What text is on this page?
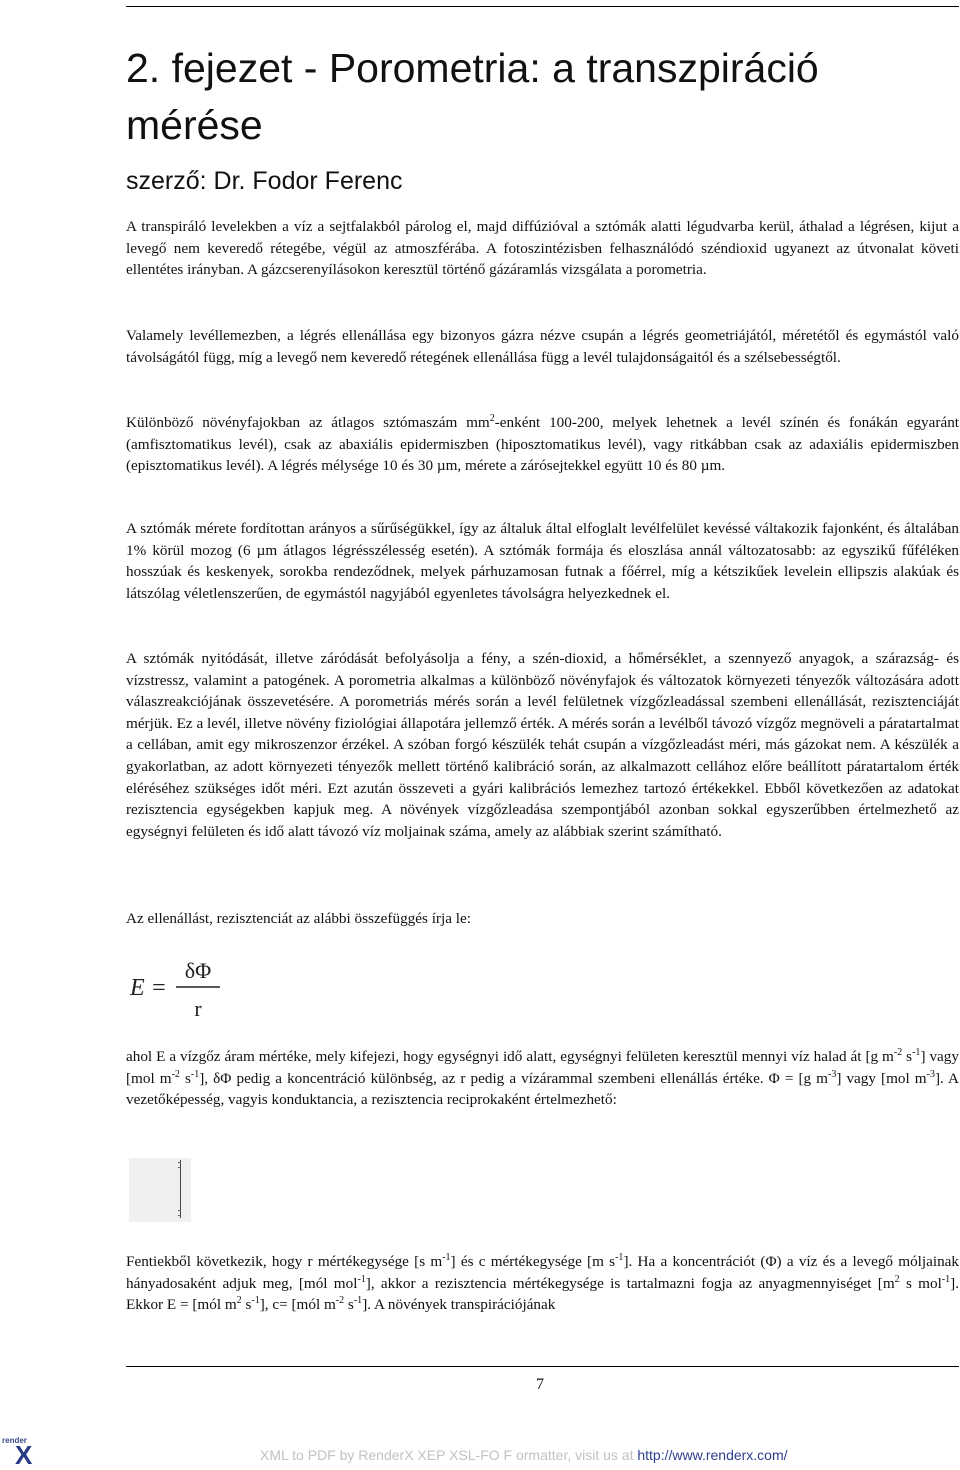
2. fejezet - Porometria: a transzpiráció mérése

szerző: Dr. Fodor Ferenc

A transpiráló levelekben a víz a sejtfalakból párolog el, majd diffúzióval a sztómák alatti légudvarba kerül, áthalad a légrésen, kijut a levegő nem keveredő rétegébe, végül az atmoszférába. A fotoszintézisben felhasználódó széndioxid ugyanezt az útvonalat követi ellentétes irányban. A gázcserenyílásokon keresztül történő gázáramlás vizsgálata a porometria.

Valamely levéllemezben, a légrés ellenállása egy bizonyos gázra nézve csupán a légrés geometriájától, méretétől és egymástól való távolságától függ, míg a levegő nem keveredő rétegének ellenállása függ a levél tulajdonságaitól és a szélsebességtől.

Különböző növényfajokban az átlagos sztómaszám $mm^2$-enként 100-200, melyek lehetnek a levél színén és fonákán egyaránt (amfisztomatikus levél), csak az abaxiális epidermiszben (hiposztomatikus levél), vagy ritkábban csak az adaxiális epidermiszben (episztomatikus levél). A légrés mélysége 10 és 30 µm, mérete a zárósejtekkel együtt 10 és 80 µm.

A sztómák mérete fordítottan arányos a sűrűségükkel, így az általuk által elfoglalt levélfelület kevéssé váltakozik fajonként, és általában 1% körül mozog (6 µm átlagos légrésszélesség esetén). A sztómák formája és eloszlása annál változatosabb: az egyszikű fűféléken hosszúak és keskenyek, sorokba rendeződnek, melyek párhuzamosan futnak a főérrel, míg a kétszikűek levelein ellipszis alakúak és látszólag véletlenszerűen, de egymástól nagyjából egyenletes távolságra helyezkednek el.

A sztómák nyitódását, illetve záródását befolyásolja a fény, a szén-dioxid, a hőmérséklet, a szennyező anyagok, a szárazság- és vízstressz, valamint a patogének. A porometria alkalmas a különböző növényfajok és változatok környezeti tényezők változására adott válaszreakciójának összevetésére. A porometriás mérés során a levél felületnek vízgőzleadással szembeni ellenállását, rezisztenciáját mérjük. Ez a levél, illetve növény fiziológiai állapotára jellemző érték. A mérés során a levélből távozó vízgőz megnöveli a páratartalmat a cellában, amit egy mikroszenzor érzékel. A szóban forgó készülék tehát csupán a vízgőzleadást méri, más gázokat nem. A készülék a gyakorlatban, az adott környezeti tényezők mellett történő kalibráció során, az alkalmazott cellához előre beállított páratartalom érték eléréséhez szükséges időt méri. Ezt azután összeveti a gyári kalibrációs lemezhez tartozó értékekkel. Ebből következően az adatokat rezisztencia egységekben kapjuk meg. A növények vízgőzleadása szempontjából azonban sokkal egyszerűbben értelmezhető az egységnyi felületen és idő alatt távozó víz moljainak száma, amely az alábbiak szerint számítható.

Az ellenállást, rezisztenciát az alábbi összefüggés írja le:

E =
δΦ
r

ahol E a vízgőz áram mértéke, mely kifejezi, hogy egységnyi idő alatt, egységnyi felületen keresztül mennyi víz halad át [g $m^{-2}$ $s^{-1}$] vagy [mol $m^{-2}$ $s^{-1}$], δΦ pedig a koncentráció különbség, az r pedig a vízárammal szembeni ellenállás értéke. Φ = [g $m^{-3}$] vagy [mol $m^{-3}$]. A vezetőképesség, vagyis konduktancia, a rezisztencia reciprokaként értelmezhető:

Fentiekből következik, hogy r mértékegysége [s $m^{-1}$] és c mértékegysége [m $s^{-1}$]. Ha a koncentrációt (Φ) a víz és a levegő móljainak hányadosaként adjuk meg, [mól mol$^{-1}$], akkor a rezisztencia mértékegysége is tartalmazni fogja az anyagmennyiséget [$m^2$ s mol$^{-1}$]. Ekkor E = [mól $m^2$ $s^{-1}$], c= [mól $m^{-2}$ $s^{-1}$]. A növények transpirációjának

7
render
X	XML to PDF by RenderX XEP XSL-FO F ormatter, visit us at http://www.renderx.com/
